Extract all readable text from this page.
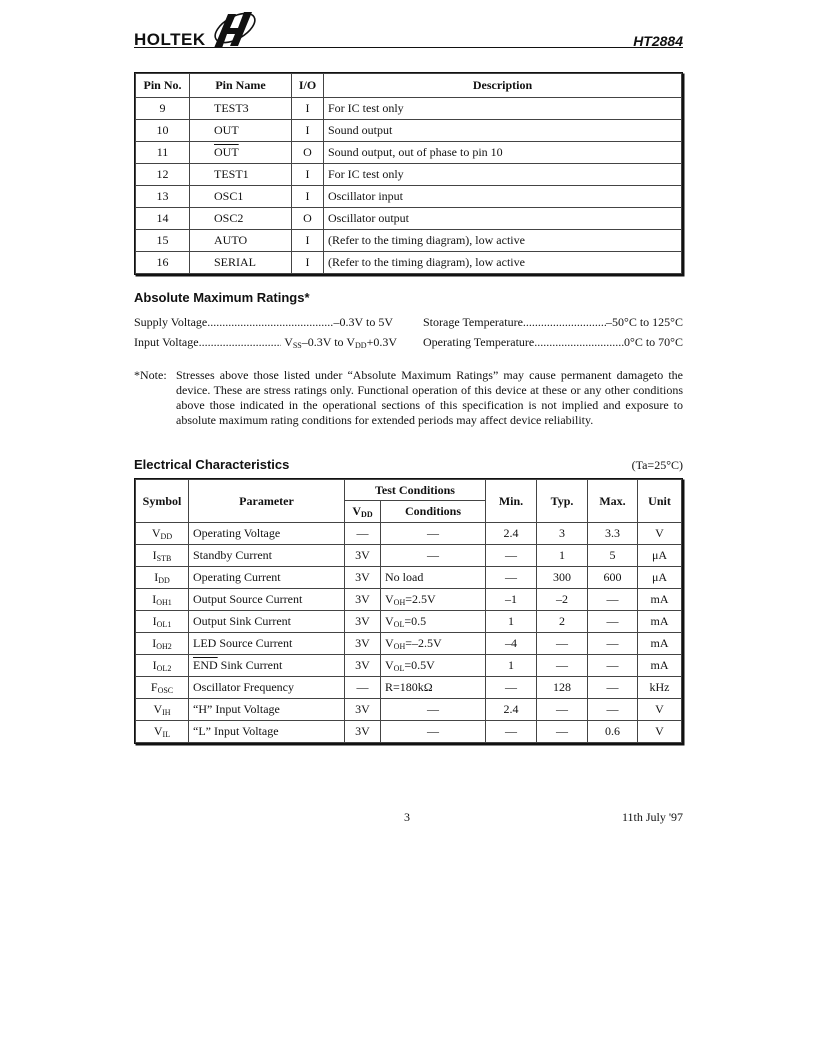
HOLTEK	HT2884
Pin No.	Pin Name	I/O	Description
9	TEST3	I	For IC test only
10	OUT	I	Sound output
11	$\overline{OUT}$	O	Sound output, out of phase to pin 10
12	TEST1	I	For IC test only
13	OSC1	I	Oscillator input
14	OSC2	O	Oscillator output
15	AUTO	I	(Refer to the timing diagram), low active
16	SERIAL	I	(Refer to the timing diagram), low active
Absolute Maximum Ratings*
Supply Voltage .....	–0.3V to 5V
Input Voltage .....	$V_{SS}-0.3V$ to $V_{DD}+0.3V$
Storage Temperature .....	–50°C to 125°C
Operating Temperature .....	0°C to 70°C
*Note: Stresses above those listed under “Absolute Maximum Ratings” may cause permanent damageto the device. These are stress ratings only. Functional operation of this device at these or any other conditions above those indicated in the operational sections of this specification is not implied and exposure to absolute maximum rating conditions for extended periods may affect device reliability.
Electrical Characteristics	(Ta=25°C)
Symbol	Parameter	Test Conditions		Min.	Typ.	Max.	Unit
		$V_{DD}$	Conditions				
$V_{DD}$	Operating Voltage	—	—	2.4	3	3.3	V
$I_{STB}$	Standby Current	3V	—	—	1	5	μA
$I_{DD}$	Operating Current	3V	No load	—	300	600	μA
$I_{OH1}$	Output Source Current	3V	$V_{OH}=2.5V$	–1	–2	—	mA
$I_{OL1}$	Output Sink Current	3V	$V_{OL}=0.5$	1	2	—	mA
$I_{OH2}$	LED Source Current	3V	$V_{OH}=-2.5V$	–4	—	—	mA
$I_{OL2}$	$\overline{END}$ Sink Current	3V	$V_{OL}=0.5V$	1	—	—	mA
$F_{OSC}$	Oscillator Frequency	—	R=180kΩ	—	128	—	kHz
$V_{IH}$	“H” Input Voltage	3V	—	2.4	—	—	V
$V_{IL}$	“L” Input Voltage	3V	—	—	—	0.6	V
3	11th July '97
